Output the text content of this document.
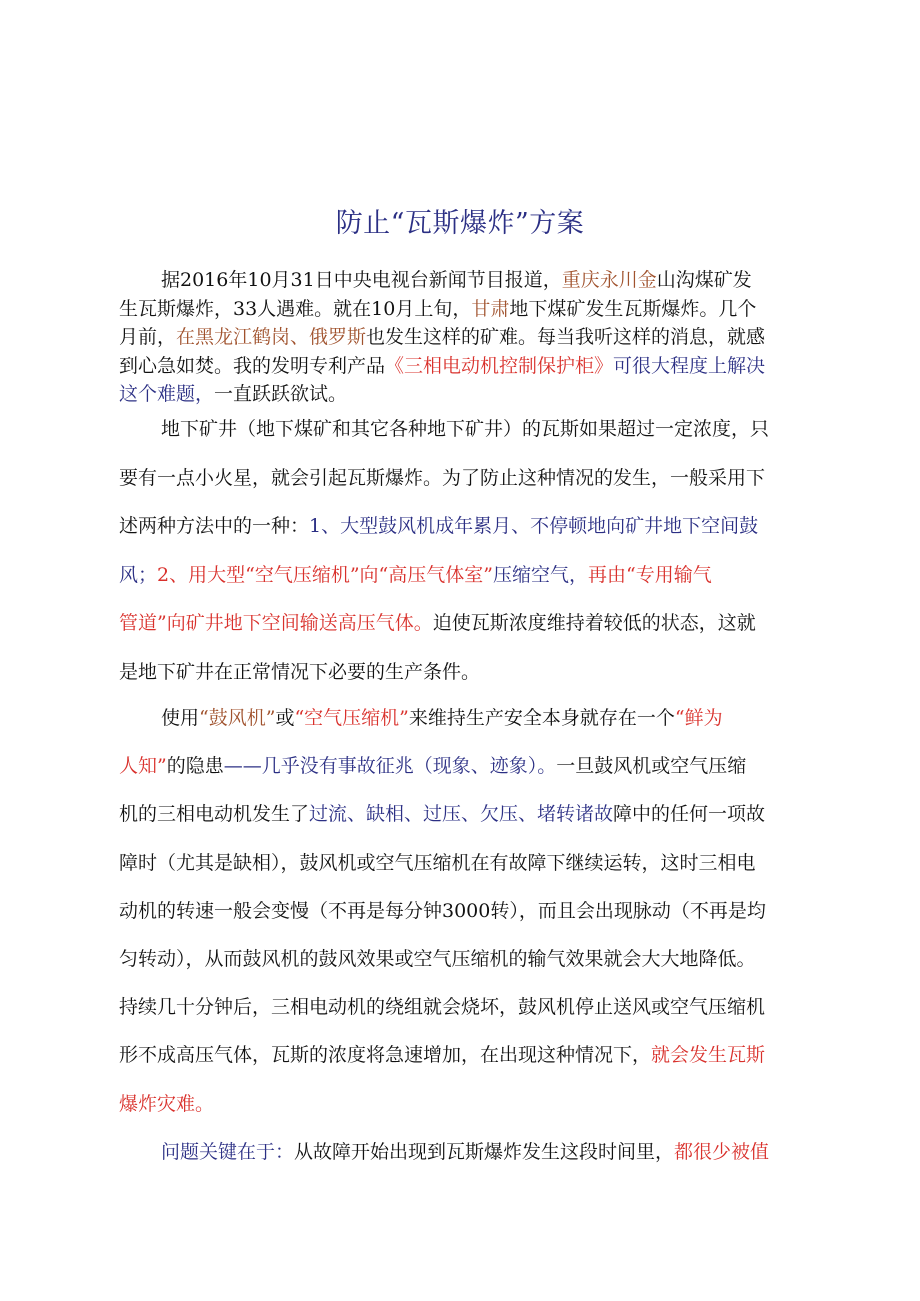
防止“瓦斯爆炸”方案
据2016年10月31日中央电视台新闻节目报道，重庆永川金山沟煤矿发
生瓦斯爆炸，33人遇难。就在10月上旬，甘肃地下煤矿发生瓦斯爆炸。几个
月前，在黑龙江鹤岗、俄罗斯也发生这样的矿难。每当我听这样的消息，就感
到心急如焚。我的发明专利产品《三相电动机控制保护柜》可很大程度上解决
这个难题，一直跃跃欲试。
地下矿井（地下煤矿和其它各种地下矿井）的瓦斯如果超过一定浓度，只
要有一点小火星，就会引起瓦斯爆炸。为了防止这种情况的发生，一般采用下
述两种方法中的一种：1、大型鼓风机成年累月、不停顿地向矿井地下空间鼓
风；2、用大型“空气压缩机”向“高压气体室”压缩空气，再由“专用输气
管道”向矿井地下空间输送高压气体。迫使瓦斯浓度维持着较低的状态，这就
是地下矿井在正常情况下必要的生产条件。
使用“鼓风机”或“空气压缩机”来维持生产安全本身就存在一个“鲜为
人知”的隐患——几乎没有事故征兆（现象、迹象）。一旦鼓风机或空气压缩
机的三相电动机发生了过流、缺相、过压、欠压、堵转诸故障中的任何一项故
障时（尤其是缺相），鼓风机或空气压缩机在有故障下继续运转，这时三相电
动机的转速一般会变慢（不再是每分钟3000转），而且会出现脉动（不再是均
匀转动），从而鼓风机的鼓风效果或空气压缩机的输气效果就会大大地降低。
持续几十分钟后，三相电动机的绕组就会烧坏，鼓风机停止送风或空气压缩机
形不成高压气体，瓦斯的浓度将急速增加，在出现这种情况下，就会发生瓦斯
爆炸灾难。
问题关键在于：从故障开始出现到瓦斯爆炸发生这段时间里，都很少被值
